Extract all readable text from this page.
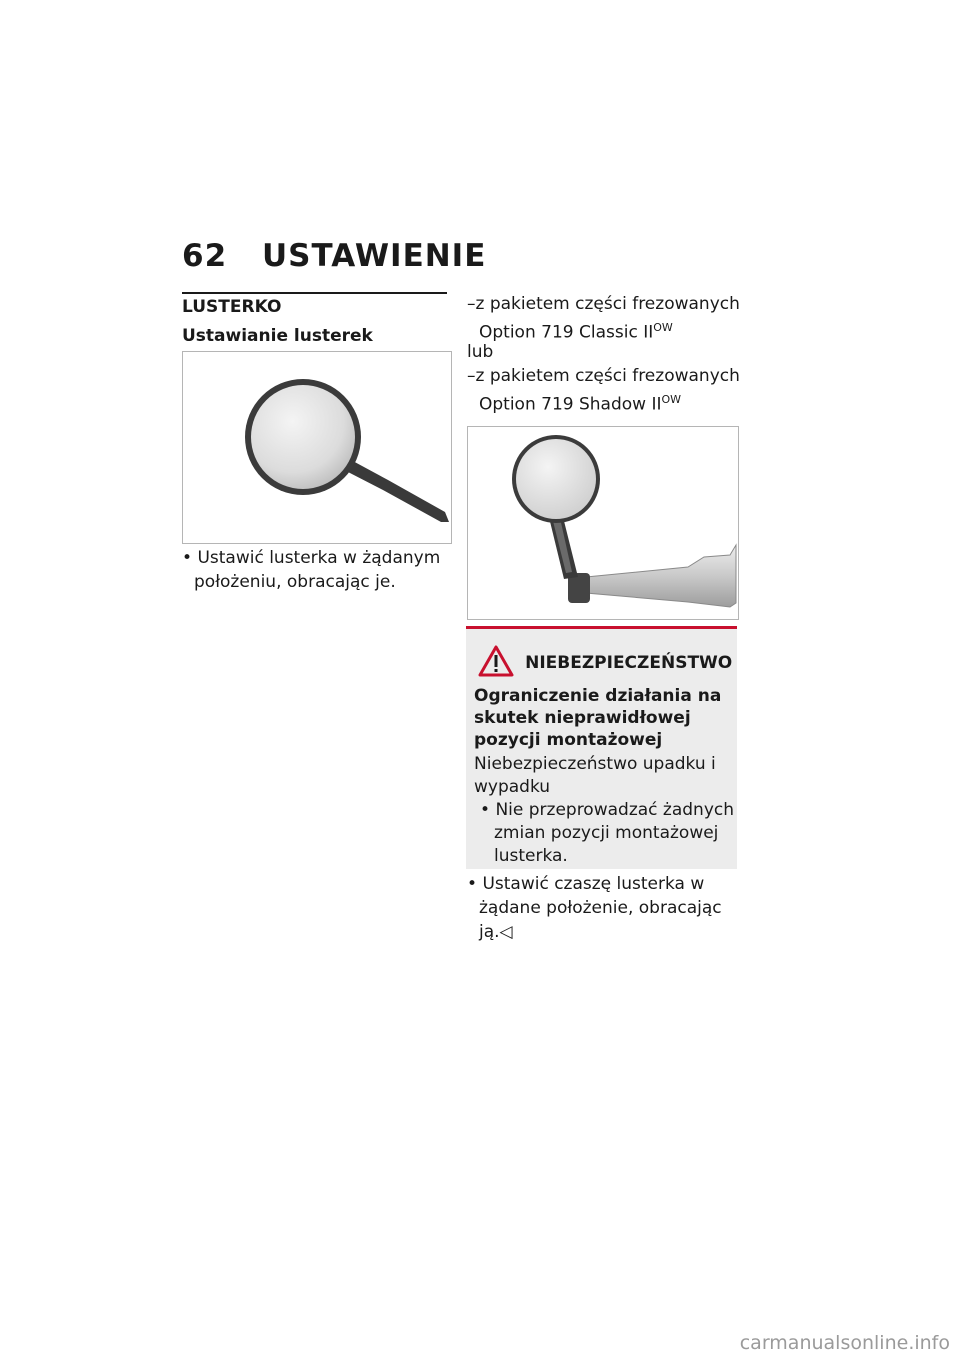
62 USTAWIENIE
LUSTERKO
Ustawianie lusterek
• Ustawić lusterka w żądanym położeniu, obracając je.
–z pakietem części frezowanych Option 719 Classic $II^{OW}$
lub
–z pakietem części frezowanych Option 719 Shadow $II^{OW}$
NIEBEZPIECZEŃSTWO
Ograniczenie działania na skutek nieprawidłowej pozycji montażowej
Niebezpieczeństwo upadku i wypadku
• Nie przeprowadzać żadnych zmian pozycji montażowej lusterka.
• Ustawić czaszę lusterka w żądane położenie, obracając ją.◁
carmanualsonline.info
